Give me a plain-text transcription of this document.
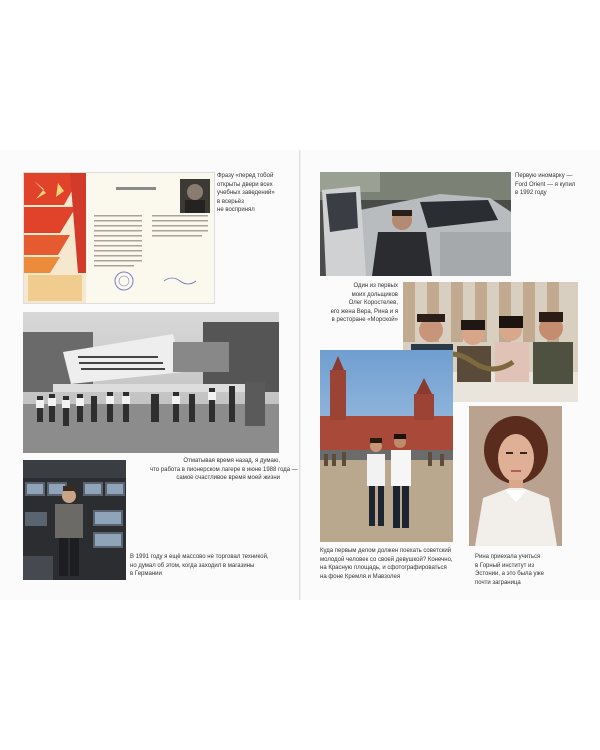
Фразу «перед тобой
открыты двери всех
учебных заведений»
в всерьёз
не воспринял
Отматывая время назад, я думаю,
что работа в пионерском лагере в июне 1988 года —
самое счастливое время моей жизни
В 1991 году я ещё массово не торговал техникой,
но думал об этом, когда заходил в магазины
в Германии
Первую иномарку —
Ford Orient — я купил
в 1992 году
Один из первых
моих дольщиков
Олег Коростелев,
его жена Вера, Рина и я
в ресторане «Морской»
Куда первым делом должен поехать советский
молодой человек со своей девушкой? Конечно,
на Красную площадь, и сфотографироваться
на фоне Кремля и Мавзолея
Рина приехала учиться
в Горный институт из
Эстонии, а это была уже
почти заграница
